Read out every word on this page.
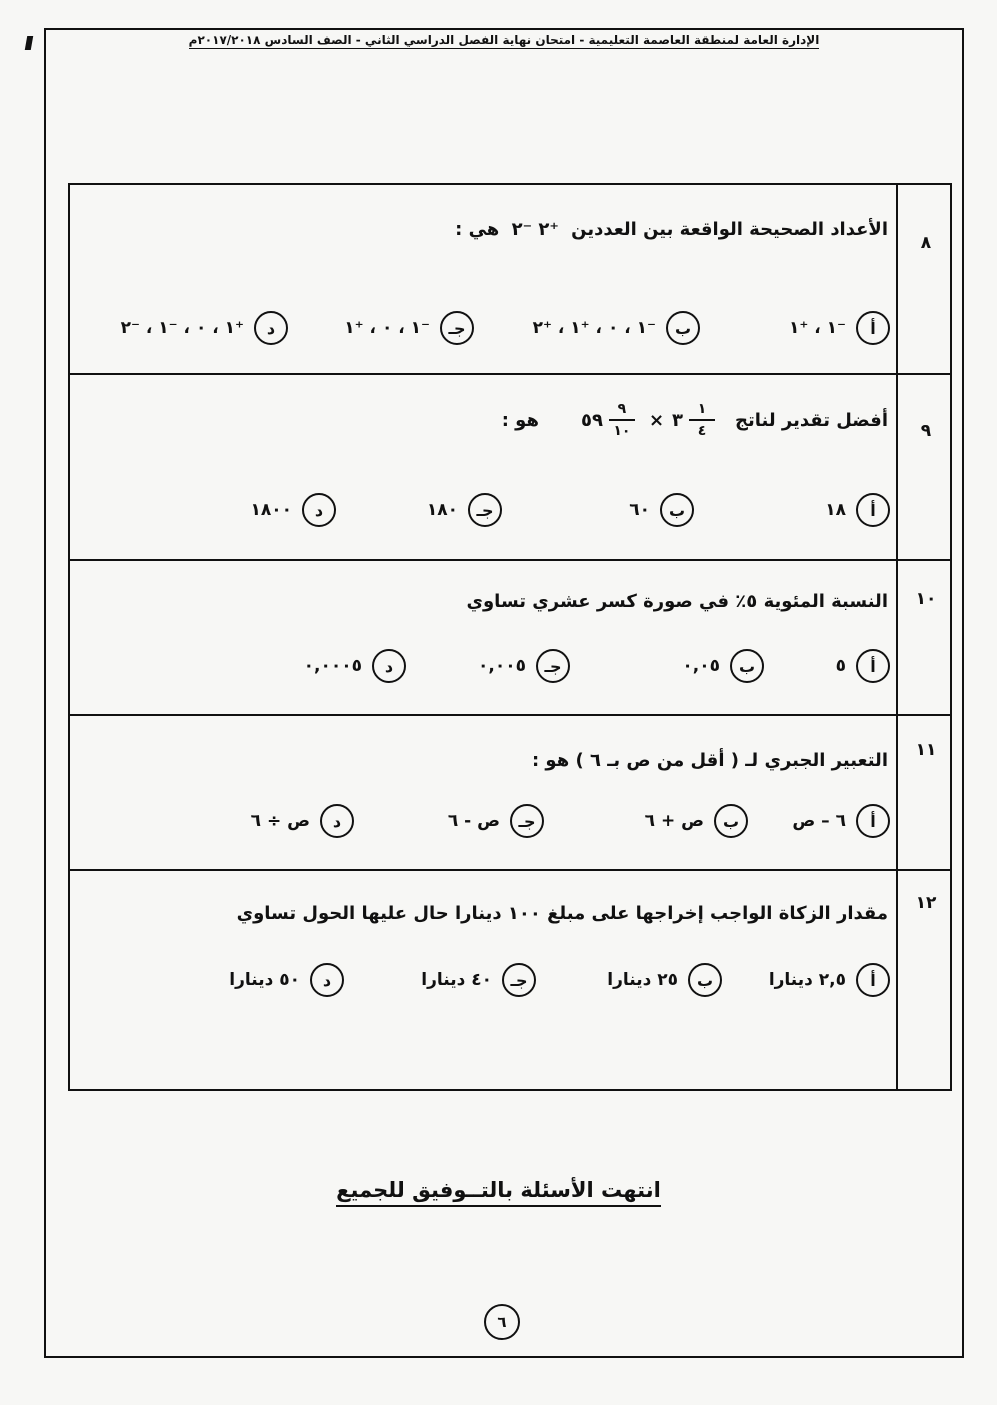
الإدارة العامة لمنطقة العاصمة التعليمية - امتحان نهاية الفصل الدراسي الثاني - الصف السادس ٢٠١٧/٢٠١٨م
٨
الأعداد الصحيحة الواقعة بين العددين ⁺٢ ⁻٢ هي :
أ
⁻١ ، ⁺١
ب
⁻١ ، ٠ ، ⁺١ ، ⁺٢
جـ
⁻١ ، ٠ ، ⁺١
د
⁺١ ، ٠ ، ⁻١ ، ⁻٢
٩
أفضل تقدير لناتج
$\frac{١}{٤}$
٣
×
$\frac{٩}{١٠}$
٥٩
هو :
أ
١٨
ب
٦٠
جـ
١٨٠
د
١٨٠٠
١٠
النسبة المئوية ٥٪ في صورة كسر عشري تساوي
أ
٥
ب
٠,٠٥
جـ
٠,٠٠٥
د
٠,٠٠٠٥
١١
التعبير الجبري لـ ( أقل من ص بـ ٦ ) هو :
أ
٦ – ص
ب
ص + ٦
جـ
ص - ٦
د
ص ÷ ٦
١٢
مقدار الزكاة الواجب إخراجها على مبلغ ١٠٠ دينارا حال عليها الحول تساوي
أ
٢,٥ دينارا
ب
٢٥ دينارا
جـ
٤٠ دينارا
د
٥٠ دينارا
انتهت الأسئلة بالتــوفيق للجميع
٦
